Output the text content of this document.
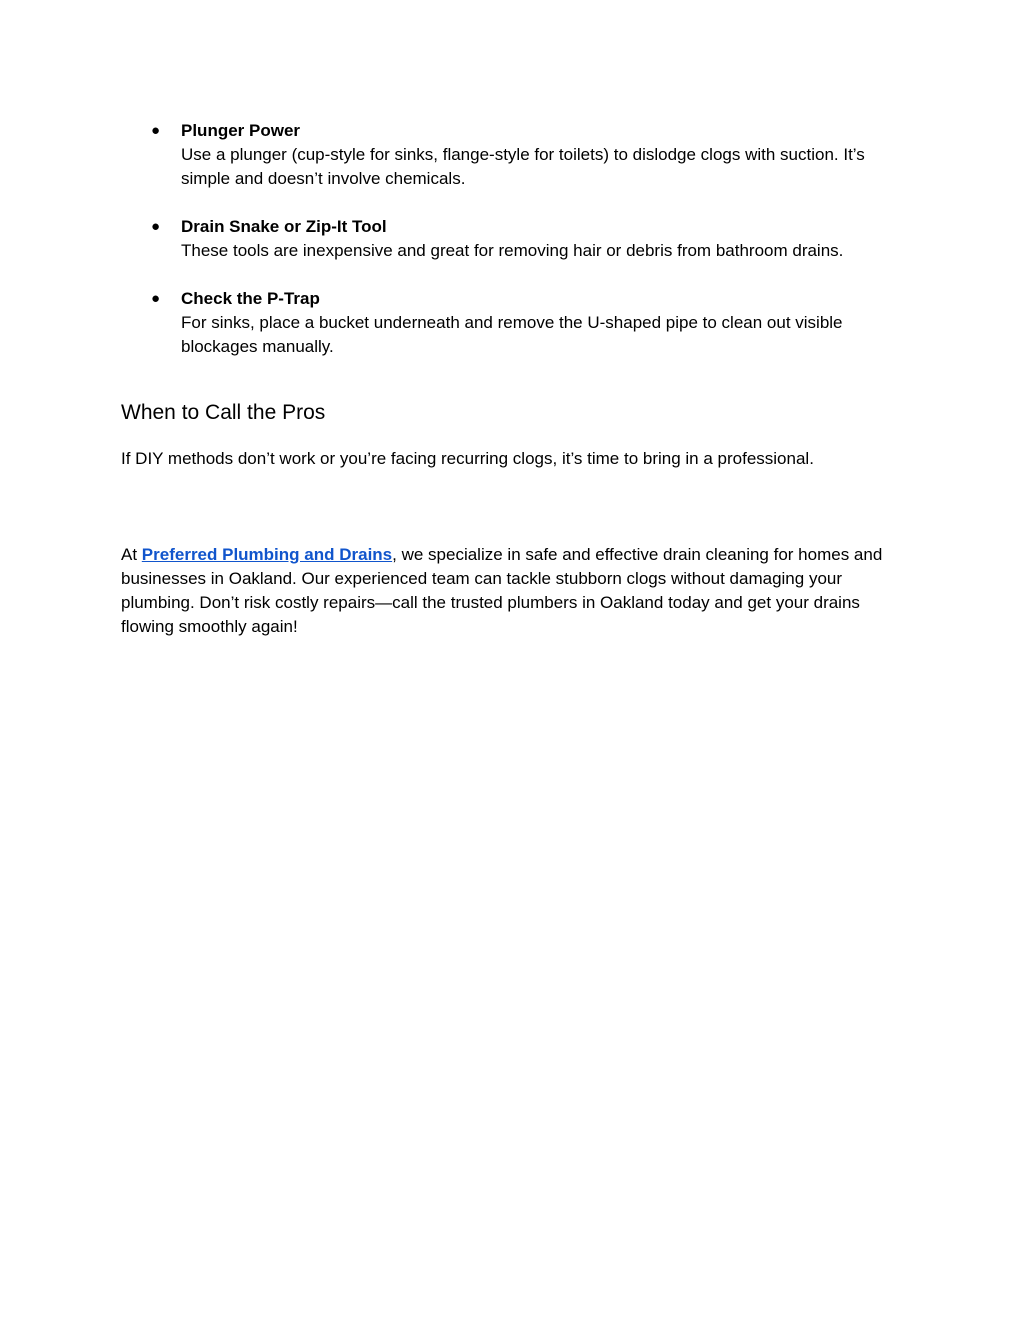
● Plunger Power
Use a plunger (cup-style for sinks, flange-style for toilets) to dislodge clogs with suction. It’s simple and doesn’t involve chemicals.
● Drain Snake or Zip-It Tool
These tools are inexpensive and great for removing hair or debris from bathroom drains.
● Check the P-Trap
For sinks, place a bucket underneath and remove the U-shaped pipe to clean out visible blockages manually.
When to Call the Pros

If DIY methods don’t work or you’re facing recurring clogs, it’s time to bring in a professional.

At Preferred Plumbing and Drains, we specialize in safe and effective drain cleaning for homes and businesses in Oakland. Our experienced team can tackle stubborn clogs without damaging your plumbing. Don’t risk costly repairs—call the trusted plumbers in Oakland today and get your drains flowing smoothly again!
